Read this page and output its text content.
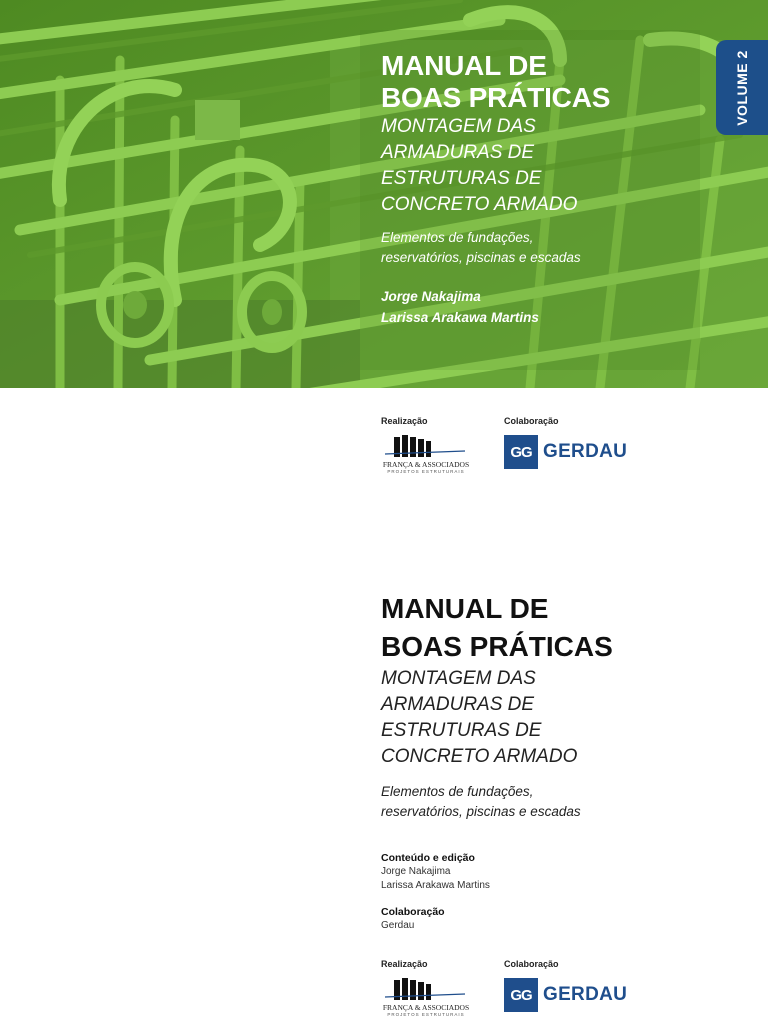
MANUAL DE
BOAS PRÁTICAS
MONTAGEM DAS
ARMADURAS DE
ESTRUTURAS DE
CONCRETO ARMADO
Elementos de fundações,
reservatórios, piscinas e escadas
Jorge Nakajima
Larissa Arakawa Martins
VOLUME 2
Realização	Colaboração
FRANÇA & ASSOCIADOS
PROJETOS ESTRUTURAIS
GG GERDAU
MANUAL DE
BOAS PRÁTICAS
MONTAGEM DAS
ARMADURAS DE
ESTRUTURAS DE
CONCRETO ARMADO
Elementos de fundações,
reservatórios, piscinas e escadas
Conteúdo e edição
Jorge Nakajima
Larissa Arakawa Martins
Colaboração
Gerdau
Realização	Colaboração
FRANÇA & ASSOCIADOS
PROJETOS ESTRUTURAIS
GG GERDAU
